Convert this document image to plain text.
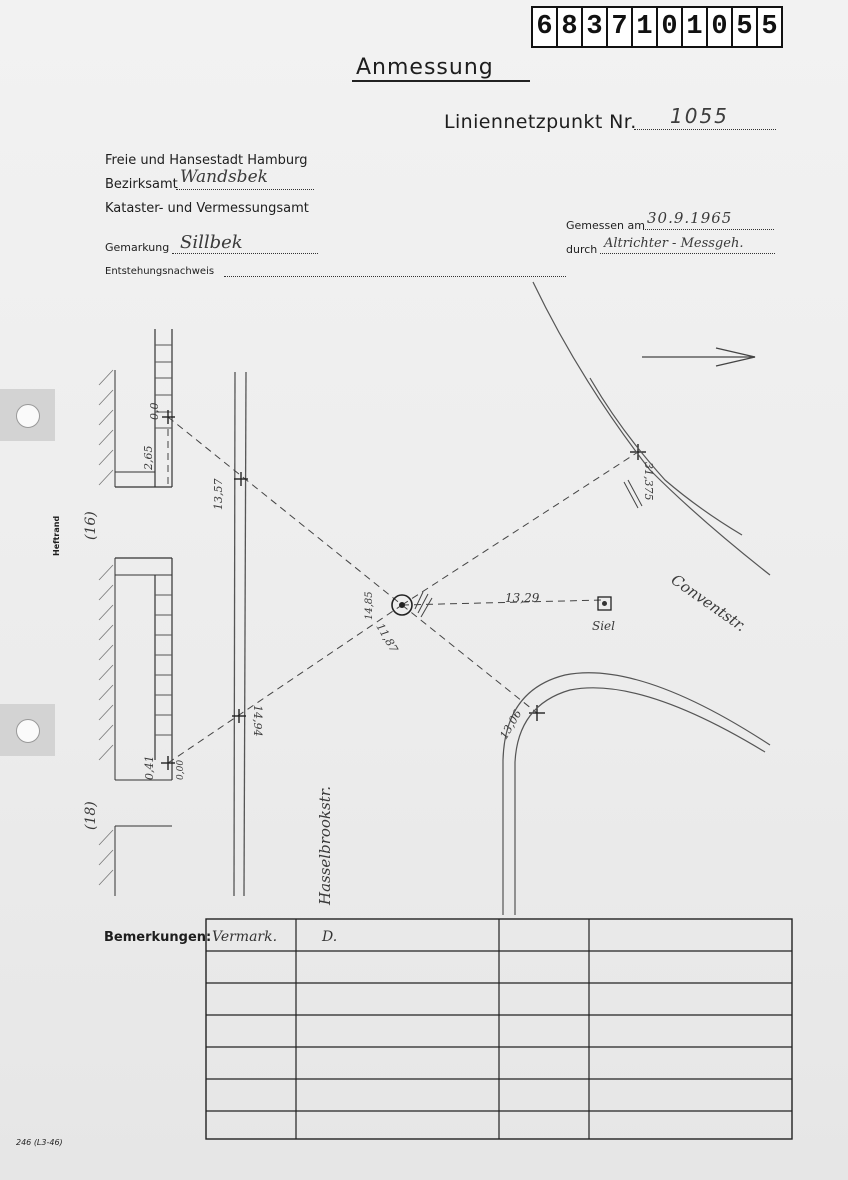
6 8 3 7 1 0 1 0 5 5
Anmessung
Liniennetzpunkt Nr. 1055
Freie und Hansestadt Hamburg
Bezirksamt Wandsbek
Kataster- und Vermessungsamt
Gemarkung Sillbek
Entstehungsnachweis
Gemessen am 30.9.1965
durch Altrichter - Messgeh.
Heftrand
0,0
2,65
13,57
(16)
(18)
0,41 0,00
14,94
14,85
11,87
31,375
13,29
13,06
Siel	Conventstr.
Hasselbrookstr.
Bemerkungen: Vermark.	D.
246 (L3-46)
